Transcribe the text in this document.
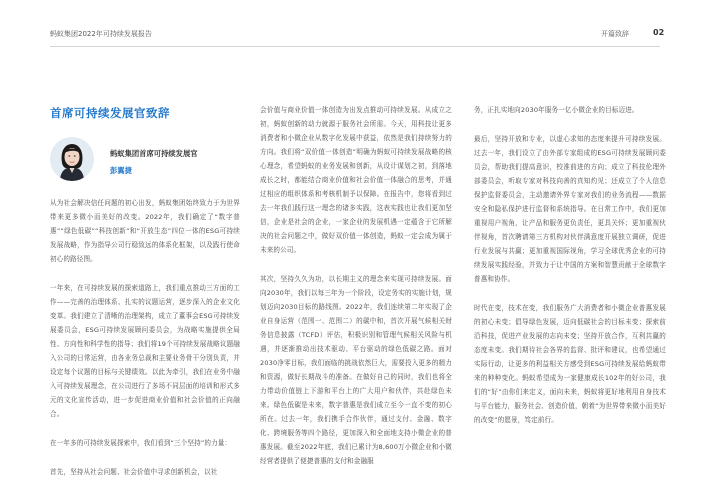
蚂蚁集团2022年可持续发展报告	开篇致辞	02
首席可持续发展官致辞
蚂蚁集团首席可持续发展官
彭翼捷

从为社会解决信任问题的初心出发，蚂蚁集团始终致力于为世界带来更多微小而美好的改变。2022年，我们确定了“数字普惠”“绿色低碳”“科技创新”和“开放生态”四位一体的ESG可持续发展战略，作为指导公司行稳致远的体系化框架，以及践行使命初心的路径图。

一年来，在可持续发展的探索道路上，我们重点推动三方面的工作——完善的治理体系、扎实的议题运营，逐步深入的企业文化变革。我们建立了清晰的治理架构，成立了董事会ESG可持续发展委员会，ESG可持续发展顾问委员会，为战略实施提供全局性、方向性和科学性的指导；我们将19个可持续发展战略议题融入公司的日常运营，由各业务总裁和主要业务骨干分别负责，并设定每个议题的目标与关键绩效。以此为牵引，我们在业务中融入可持续发展理念，在公司进行了多场不同层面的培训和形式多元的文化宣传活动，进一步促进商业价值和社会价值的正向融合。

在一年多的可持续发展探索中，我们看到“三个坚持”的力量：

首先，坚持从社会问题、社会价值中寻求创新机会，以社

会价值与商业价值一体创造为出发点推动可持续发展。从成立之初，蚂蚁创新的动力就源于服务社会所需。今天，用科技让更多消费者和小微企业从数字化发展中获益，依然是我们持续努力的方向。我们将“双价值一体创造”明确为蚂蚁可持续发展战略的核心理念，希望蚂蚁的业务发展和创新，从设计谋划之初，到落地成长之时，都能结合商业价值和社会价值一体融合的思考，并通过相应的组织体系和考核机制予以保障。在报告中，您将看到过去一年我们践行这一理念的诸多实践，这表实践也让我们更加坚信，企业是社会的企业，一家企业的发展机遇一定蕴含于它所解决的社会问题之中，做好双价值一体创造，蚂蚁一定会成为属于未来的公司。

其次，坚持久久为功，以长期主义的理念来实现可持续发展。面向2030年，我们以每三年为一个阶段，设定务实的实施计划，规划迈向2030目标的路线图。2022年，我们连续第二年实现了企业自身运营（范围一、范围二）的碳中和，首次开展气候相关财务信息披露（TCFD）评估，积极识别和管理气候相关风险与机遇，并逐渐推动出技术驱动、平台驱动的绿色低碳之路。面对2030净零目标，我们面临的挑战依然巨大，需要投入更多的精力和资源，做好长期战斗的准备。在做好自己的同时，我们也将全力带动价值链上下游和平台上的广大用户和伙伴，共赴绿色未来。绿色低碳是未来，数字普惠是我们成立至今一直不变的初心所在。过去一年，我们携手合作伙伴，通过支付、金融、数字化、跨境服务等四个路径，更加深入和全面地支持小微企业的普惠发展。截至2022年底，我们已累计为8,600万小微企业和小微经营者提供了便捷普惠的支付和金融服

务，正扎实地向2030年服务一亿小微企业的目标迈进。

最后，坚持开放和专业，以虚心求知的态度来提升可持续发展。过去一年，我们设立了由外部专家组成的ESG可持续发展顾问委员会，帮助我们提高意识，校准前进的方向；成立了科技伦理外部委员会，听取专家对科技向善的真知灼见；还成立了个人信息保护监督委员会，主动邀请外界专家对我们的业务流程——数据安全和隐私保护进行监督和系统指导。在日常工作中，我们更加重视用户视角，让产品和服务更负责任，更具关怀；更加重视伙伴视角，首次聘请第三方机构对伙伴满意度开展独立调研，促进行业发展与共赢；更加重视国际视角，学习全球优秀企业的可持续发展实践经验，并致力于让中国的方案和智慧贡献于全球数字普惠和协作。

时代在变，技术在变，我们服务广大消费者和小微企业普惠发展的初心未变；倡导绿色发展，迈向低碳社会的目标未变；探索前沿科技，促进产业发展的志向未变；坚持开放合作，互利共赢的态度未变。我们期待社会各界的监督、批评和建议，也希望通过实际行动，让更多的利益相关方感受到ESG可持续发展给蚂蚁带来的种种变化。蚂蚁希望成为一家健康成长102年的好公司，我们的“好”由你们来定义，面向未来，蚂蚁将更好地利用自身技术与平台能力，服务社会、创造价值，朝着“为世界带来微小而美好的改变”的愿景，笃定前行。
